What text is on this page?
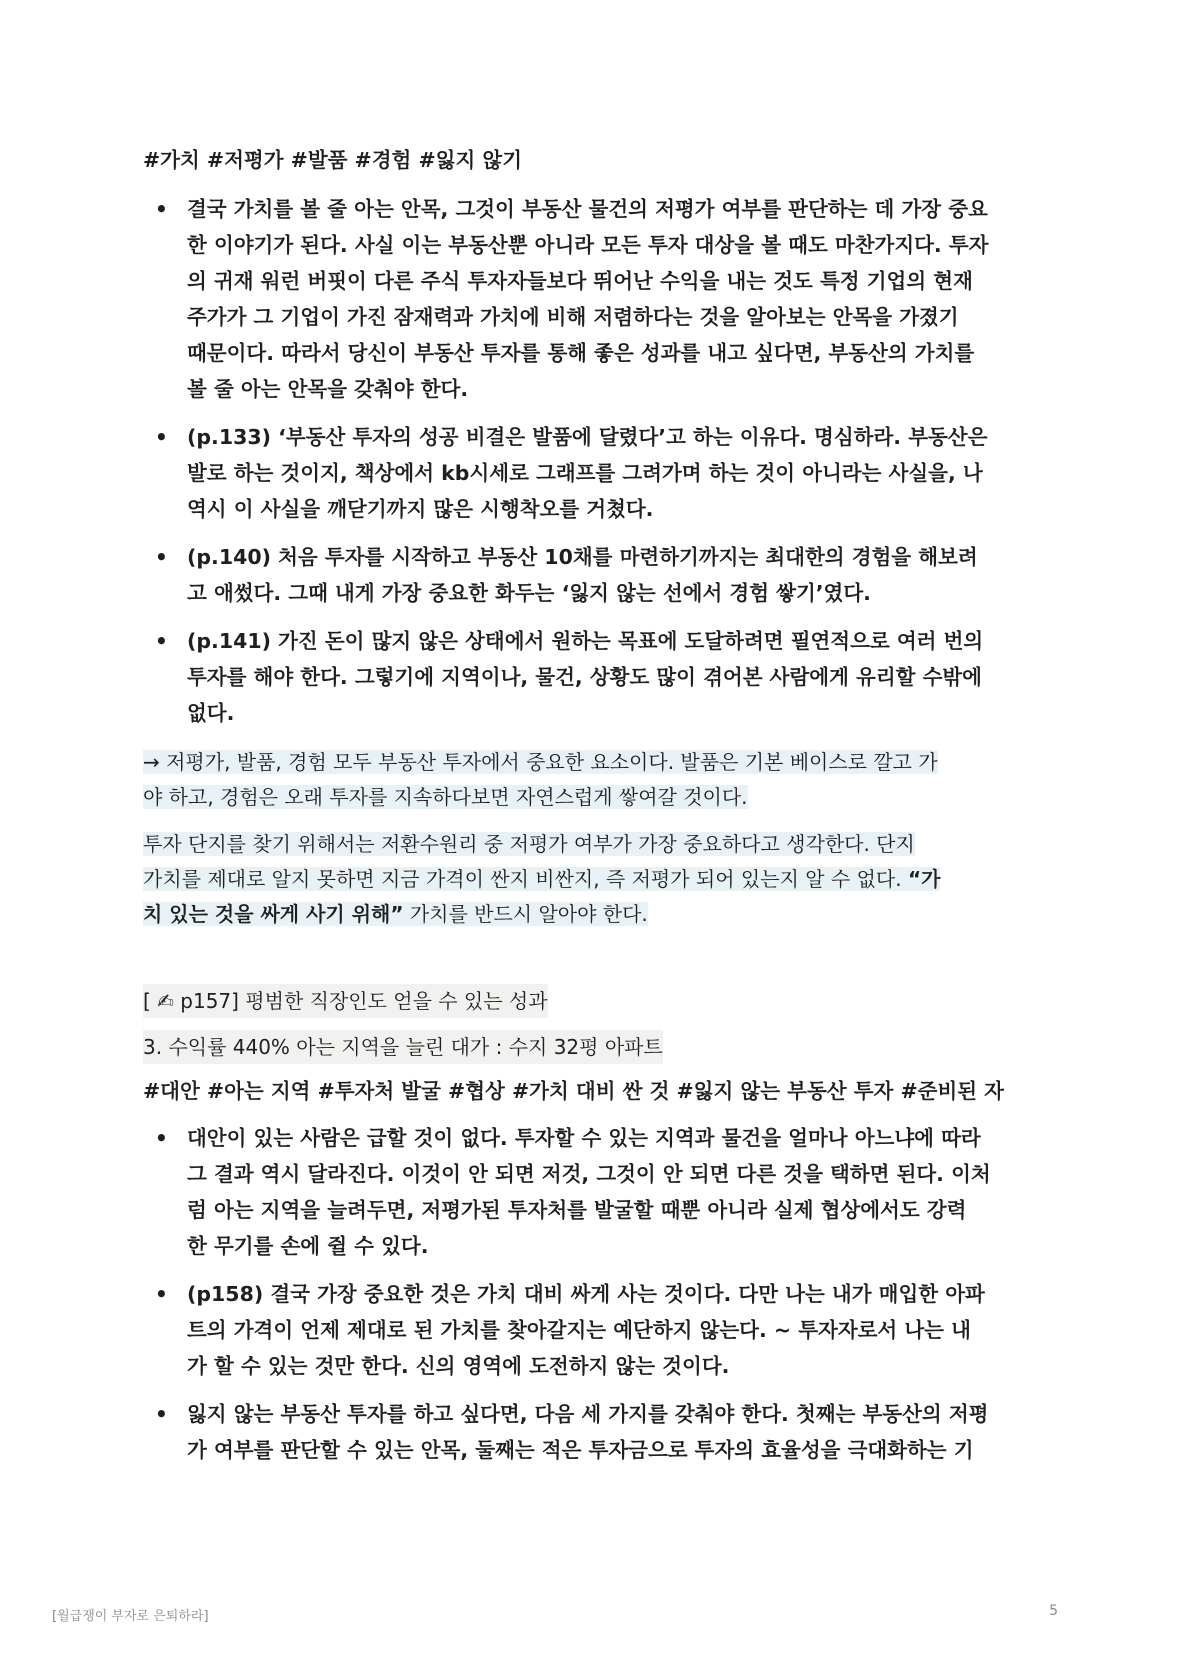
#가치 #저평가 #발품 #경험 #잃지 않기
• 결국 가치를 볼 줄 아는 안목, 그것이 부동산 물건의 저평가 여부를 판단하는 데 가장 중요
한 이야기가 된다. 사실 이는 부동산뿐 아니라 모든 투자 대상을 볼 때도 마찬가지다. 투자
의 귀재 워런 버핏이 다른 주식 투자자들보다 뛰어난 수익을 내는 것도 특정 기업의 현재
주가가 그 기업이 가진 잠재력과 가치에 비해 저렴하다는 것을 알아보는 안목을 가졌기
때문이다. 따라서 당신이 부동산 투자를 통해 좋은 성과를 내고 싶다면, 부동산의 가치를
볼 줄 아는 안목을 갖춰야 한다.
• (p.133) ‘부동산 투자의 성공 비결은 발품에 달렸다’고 하는 이유다. 명심하라. 부동산은
발로 하는 것이지, 책상에서 kb시세로 그래프를 그려가며 하는 것이 아니라는 사실을, 나
역시 이 사실을 깨닫기까지 많은 시행착오를 거쳤다.
• (p.140) 처음 투자를 시작하고 부동산 10채를 마련하기까지는 최대한의 경험을 해보려
고 애썼다. 그때 내게 가장 중요한 화두는 ‘잃지 않는 선에서 경험 쌓기’였다.
• (p.141) 가진 돈이 많지 않은 상태에서 원하는 목표에 도달하려면 필연적으로 여러 번의
투자를 해야 한다. 그렇기에 지역이나, 물건, 상황도 많이 겪어본 사람에게 유리할 수밖에
없다.
→ 저평가, 발품, 경험 모두 부동산 투자에서 중요한 요소이다. 발품은 기본 베이스로 깔고 가
야 하고, 경험은 오래 투자를 지속하다보면 자연스럽게 쌓여갈 것이다.
투자 단지를 찾기 위해서는 저환수원리 중 저평가 여부가 가장 중요하다고 생각한다. 단지
가치를 제대로 알지 못하면 지금 가격이 싼지 비싼지, 즉 저평가 되어 있는지 알 수 없다. “가
치 있는 것을 싸게 사기 위해” 가치를 반드시 알아야 한다.
[ ✍ p157] 평범한 직장인도 얻을 수 있는 성과
3. 수익률 440% 아는 지역을 늘린 대가 : 수지 32평 아파트
#대안 #아는 지역 #투자처 발굴 #협상 #가치 대비 싼 것 #잃지 않는 부동산 투자 #준비된 자
• 대안이 있는 사람은 급할 것이 없다. 투자할 수 있는 지역과 물건을 얼마나 아느냐에 따라
그 결과 역시 달라진다. 이것이 안 되면 저것, 그것이 안 되면 다른 것을 택하면 된다. 이처
럼 아는 지역을 늘려두면, 저평가된 투자처를 발굴할 때뿐 아니라 실제 협상에서도 강력
한 무기를 손에 쥘 수 있다.
• (p158) 결국 가장 중요한 것은 가치 대비 싸게 사는 것이다. 다만 나는 내가 매입한 아파
트의 가격이 언제 제대로 된 가치를 찾아갈지는 예단하지 않는다. ~ 투자자로서 나는 내
가 할 수 있는 것만 한다. 신의 영역에 도전하지 않는 것이다.
• 잃지 않는 부동산 투자를 하고 싶다면, 다음 세 가지를 갖춰야 한다. 첫째는 부동산의 저평
가 여부를 판단할 수 있는 안목, 둘째는 적은 투자금으로 투자의 효율성을 극대화하는 기
[월급쟁이 부자로 은퇴하라]	5
